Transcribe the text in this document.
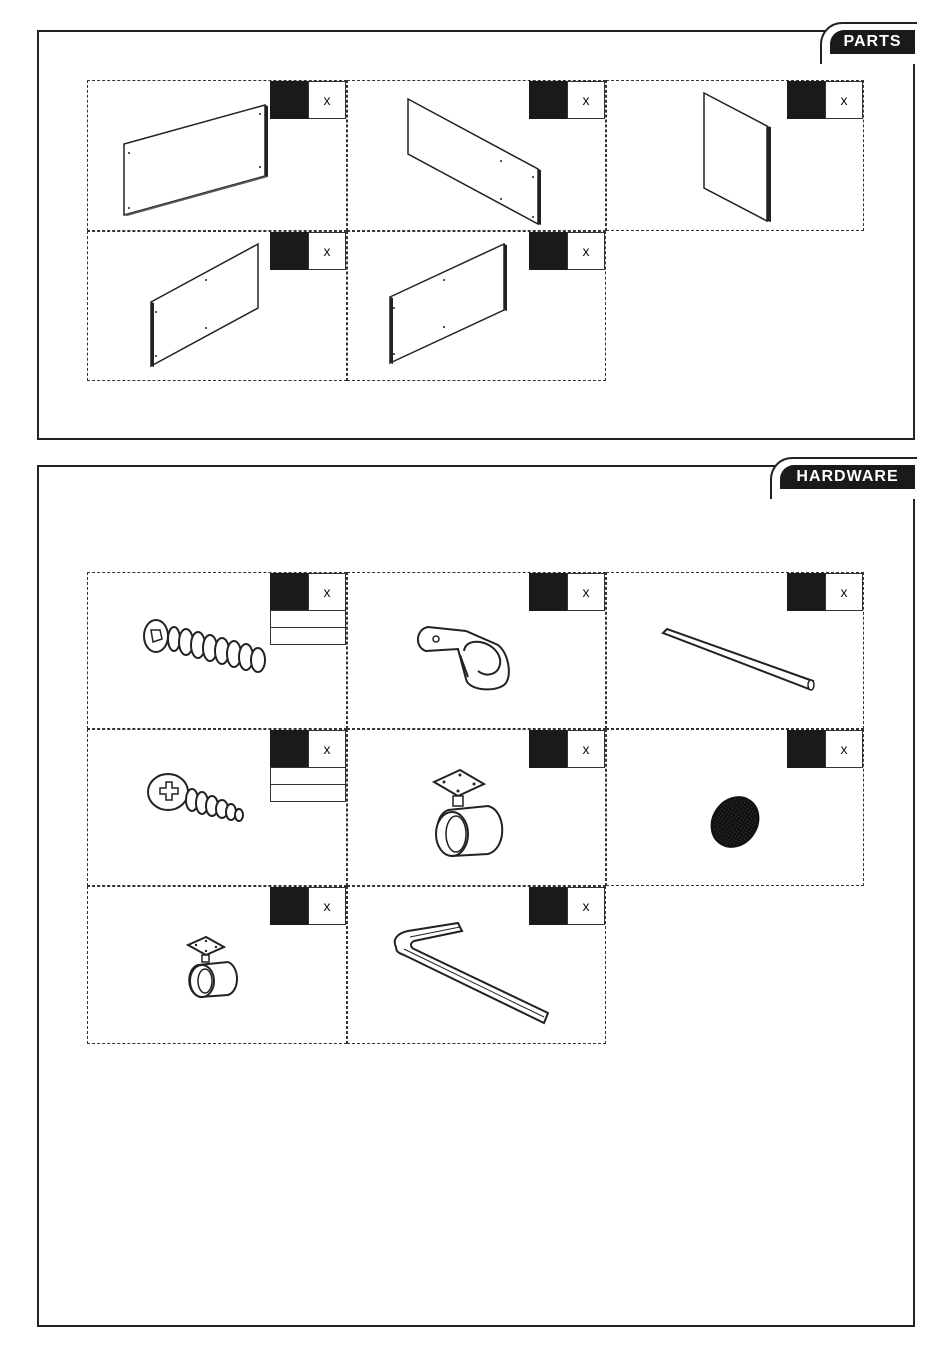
PARTS
x	x	x
x	x
HARDWARE
x	x	x
x	x	x
x	x
